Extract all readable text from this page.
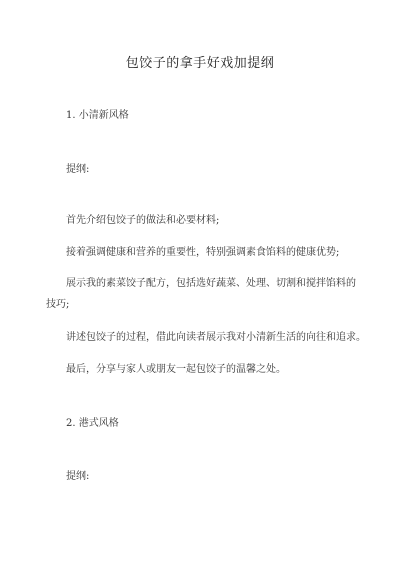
包饺子的拿手好戏加提纲
1. 小清新风格
提纲:
首先介绍包饺子的做法和必要材料;
接着强调健康和营养的重要性，特别强调素食馅料的健康优势;
展示我的素菜饺子配方，包括选好蔬菜、处理、切割和搅拌馅料的技巧;
讲述包饺子的过程，借此向读者展示我对小清新生活的向往和追求。
最后，分享与家人或朋友一起包饺子的温馨之处。
2. 港式风格
提纲:
